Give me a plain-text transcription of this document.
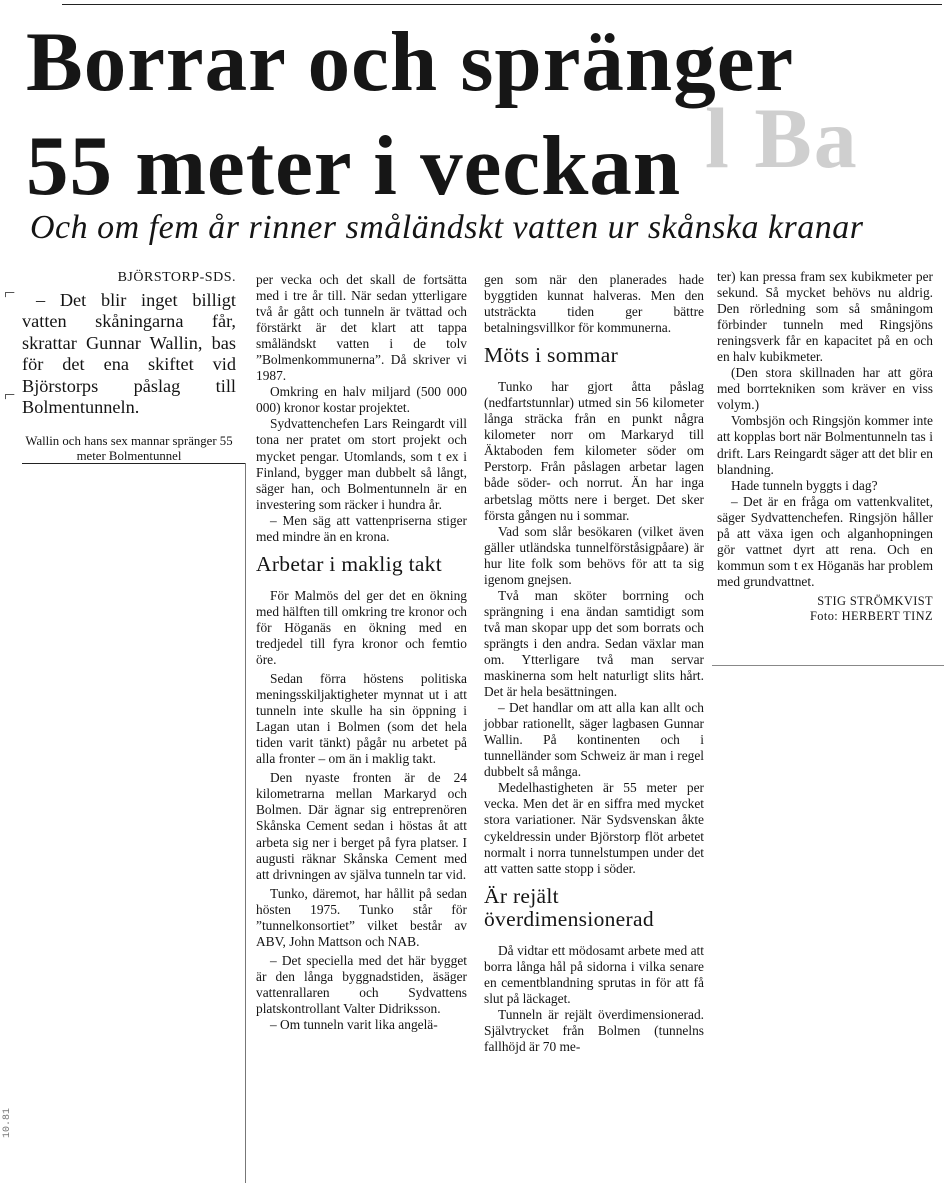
l Ba
Borrar och spränger
55 meter i veckan
Och om fem år rinner småländskt vatten ur skånska kranar
BJÖRSTORP-SDS.

– Det blir inget billigt vatten skåningarna får, skrattar Gunnar Wallin, bas för det ena skiftet vid Björstorps påslag till Bolmentunneln.

Wallin och hans sex mannar spränger 55 meter Bolmentunnel

per vecka och det skall de fortsätta med i tre år till. När sedan ytterligare två år gått och tunneln är tvättad och förstärkt är det klart att tappa småländskt vatten i de tolv ”Bolmenkommunerna”. Då skriver vi 1987.

Omkring en halv miljard (500 000 000) kronor kostar projektet.

Sydvattenchefen Lars Reingardt vill tona ner pratet om stort projekt och mycket pengar. Utomlands, som t ex i Finland, bygger man dubbelt så långt, säger han, och Bolmentunneln är en investering som räcker i hundra år.

– Men säg att vattenpriserna stiger med mindre än en krona.

Arbetar i maklig takt

För Malmös del ger det en ökning med hälften till omkring tre kronor och för Höganäs en ökning med en tredjedel till fyra kronor och femtio öre.

Sedan förra höstens politiska meningsskiljaktigheter mynnat ut i att tunneln inte skulle ha sin öppning i Lagan utan i Bolmen (som det hela tiden varit tänkt) pågår nu arbetet på alla fronter – om än i maklig takt.

Den nyaste fronten är de 24 kilometrarna mellan Markaryd och Bolmen. Där ägnar sig entreprenören Skånska Cement sedan i höstas åt att arbeta sig ner i berget på fyra platser. I augusti räknar Skånska Cement med att drivningen av själva tunneln tar vid.

Tunko, däremot, har hållit på sedan hösten 1975. Tunko står för ”tunnelkonsortiet” vilket består av ABV, John Mattson och NAB.

– Det speciella med det här bygget är den långa byggnadstiden, äsäger vattenrallaren och Sydvattens platskontrollant Valter Didriksson.

– Om tunneln varit lika angelä-

gen som när den planerades hade byggtiden kunnat halveras. Men den utsträckta tiden ger bättre betalningsvillkor för kommunerna.

Möts i sommar

Tunko har gjort åtta påslag (nedfartstunnlar) utmed sin 56 kilometer långa sträcka från en punkt några kilometer norr om Markaryd till Äktaboden fem kilometer söder om Perstorp. Från påslagen arbetar lagen både söder- och norrut. Än har inga arbetslag mötts nere i berget. Det sker första gången nu i sommar.

Vad som slår besökaren (vilket även gäller utländska tunnelförståsigpåare) är hur lite folk som behövs för att ta sig igenom gnejsen.

Två man sköter borrning och sprängning i ena ändan samtidigt som två man skopar upp det som borrats och sprängts i den andra. Sedan växlar man om. Ytterligare två man servar maskinerna som helt naturligt slits hårt. Det är hela besättningen.

– Det handlar om att alla kan allt och jobbar rationellt, säger lagbasen Gunnar Wallin. På kontinenten och i tunnelländer som Schweiz är man i regel dubbelt så många.

Medelhastigheten är 55 meter per vecka. Men det är en siffra med mycket stora variationer. När Sydsvenskan åkte cykeldressin under Björstorp flöt arbetet normalt i norra tunnelstumpen under det att vatten satte stopp i söder.

Är rejält överdimensionerad

Då vidtar ett mödosamt arbete med att borra långa hål på sidorna i vilka senare en cementblandning sprutas in för att få slut på läckaget.

Tunneln är rejält överdimensionerad. Självtrycket från Bolmen (tunnelns fallhöjd är 70 me-

ter) kan pressa fram sex kubikmeter per sekund. Så mycket behövs nu aldrig. Den rörledning som så småningom förbinder tunneln med Ringsjöns reningsverk får en kapacitet på en och en halv kubikmeter.

(Den stora skillnaden har att göra med borrtekniken som kräver en viss volym.)

Vombsjön och Ringsjön kommer inte att kopplas bort när Bolmentunneln tas i drift. Lars Reingardt säger att det blir en blandning.

Hade tunneln byggts i dag?

– Det är en fråga om vattenkvalitet, säger Sydvattenchefen. Ringsjön håller på att växa igen och alganhopningen gör vattnet dyrt att rena. Och en kommun som t ex Höganäs har problem med grundvattnet.

STIG STRÖMKVIST
Foto: HERBERT TINZ
⌐
⌐
10.81
